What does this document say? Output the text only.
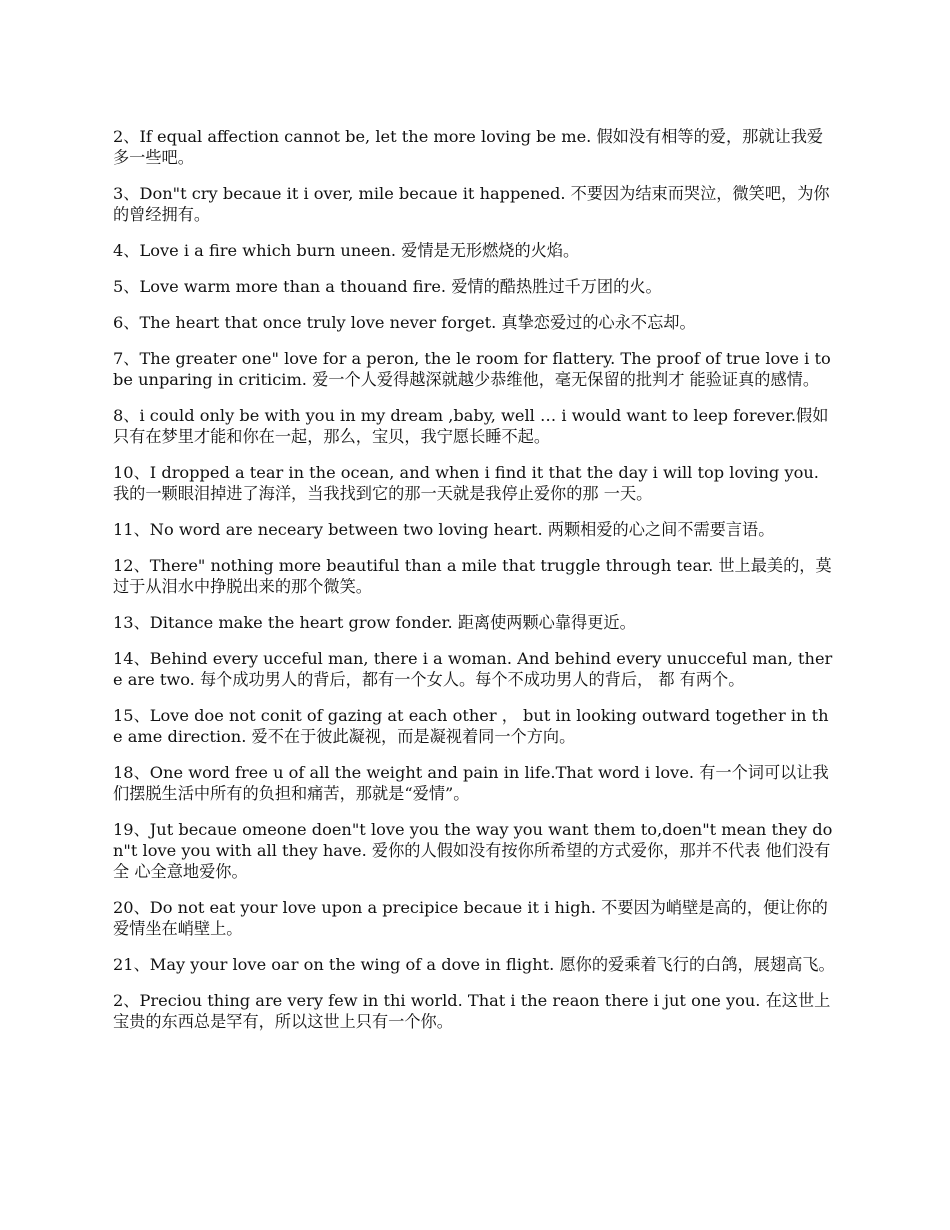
2、If equal affection cannot be, let the more loving be me. 假如没有相等的爱，那就让我爱多一些吧。

3、Don"t cry becaue it i over, mile becaue it happened. 不要因为结束而哭泣，微笑吧，为你的曾经拥有。

4、Love i a fire which burn uneen. 爱情是无形燃烧的火焰。

5、Love warm more than a thouand fire. 爱情的酷热胜过千万团的火。

6、The heart that once truly love never forget. 真挚恋爱过的心永不忘却。

7、The greater one" love for a peron, the le room for flattery. The proof of true love i to be unparing in criticim. 爱一个人爱得越深就越少恭维他，毫无保留的批判才 能验证真的感情。

8、i could only be with you in my dream ,baby, well … i would want to leep forever.假如只有在梦里才能和你在一起，那么，宝贝，我宁愿长睡不起。

10、I dropped a tear in the ocean, and when i find it that the day i will top loving you. 我的一颗眼泪掉进了海洋，当我找到它的那一天就是我停止爱你的那 一天。

11、No word are neceary between two loving heart. 两颗相爱的心之间不需要言语。

12、There" nothing more beautiful than a mile that truggle through tear. 世上最美的，莫过于从泪水中挣脱出来的那个微笑。

13、Ditance make the heart grow fonder. 距离使两颗心靠得更近。

14、Behind every ucceful man, there i a woman. And behind every unucceful man, there are two. 每个成功男人的背后，都有一个女人。每个不成功男人的背后， 都 有两个。

15、Love doe not conit of gazing at each other ， but in looking outward together in the ame direction. 爱不在于彼此凝视，而是凝视着同一个方向。

18、One word free u of all the weight and pain in life.That word i love. 有一个词可以让我们摆脱生活中所有的负担和痛苦，那就是“爱情”。

19、Jut becaue omeone doen"t love you the way you want them to,doen"t mean they don"t love you with all they have. 爱你的人假如没有按你所希望的方式爱你，那并不代表 他们没有全 心全意地爱你。

20、Do not eat your love upon a precipice becaue it i high. 不要因为峭壁是高的，便让你的爱情坐在峭壁上。

21、May your love oar on the wing of a dove in flight. 愿你的爱乘着飞行的白鸽，展翅高飞。

2、Preciou thing are very few in thi world. That i the reaon there i jut one you. 在这世上宝贵的东西总是罕有，所以这世上只有一个你。
